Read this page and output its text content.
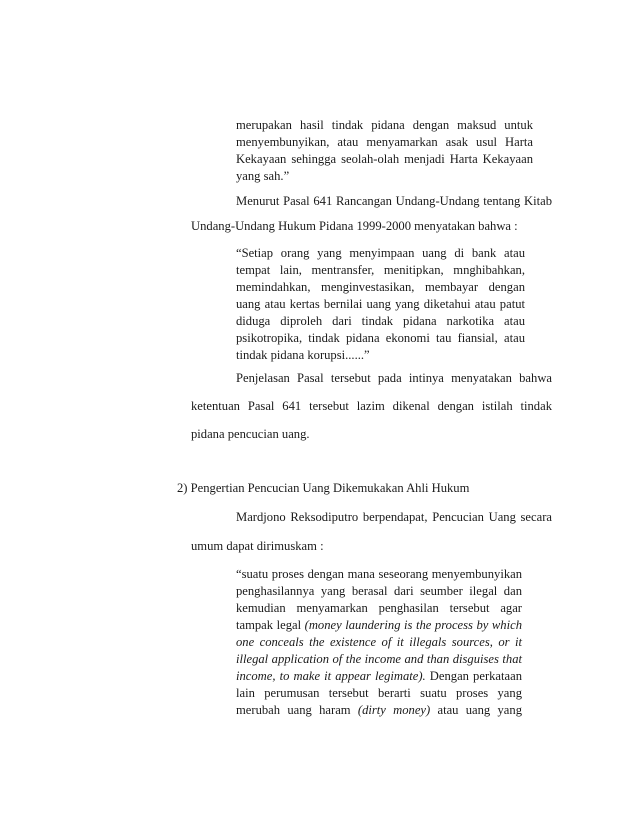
merupakan hasil tindak pidana dengan maksud untuk

menyembunyikan, atau menyamarkan asak usul Harta

Kekayaan sehingga seolah-olah menjadi Harta Kekayaan

yang sah.”

Menurut Pasal 641 Rancangan Undang-Undang tentang Kitab

Undang-Undang Hukum Pidana 1999-2000 menyatakan bahwa :

“Setiap orang yang menyimpaan uang di bank atau

tempat lain, mentransfer, menitipkan, mnghibahkan,

memindahkan, menginvestasikan, membayar dengan

uang atau kertas bernilai uang yang diketahui atau patut

diduga diproleh dari tindak pidana narkotika atau

psikotropika, tindak pidana ekonomi tau fiansial, atau

tindak pidana korupsi......”

Penjelasan Pasal tersebut pada intinya menyatakan bahwa

ketentuan Pasal 641 tersebut lazim dikenal dengan istilah tindak

pidana pencucian uang.

2) Pengertian Pencucian Uang Dikemukakan Ahli Hukum

Mardjono Reksodiputro berpendapat, Pencucian Uang secara

umum dapat dirimuskam :

“suatu proses dengan mana seseorang menyembunyikan

penghasilannya yang berasal dari seumber ilegal dan

kemudian menyamarkan penghasilan tersebut agar

tampak legal (money laundering is the process by which

one conceals the existence of it illegals sources, or it

illegal application of the income and than disguises that

income, to make it appear legimate). Dengan perkataan

lain perumusan tersebut berarti suatu proses yang

merubah uang haram (dirty money) atau uang yang
